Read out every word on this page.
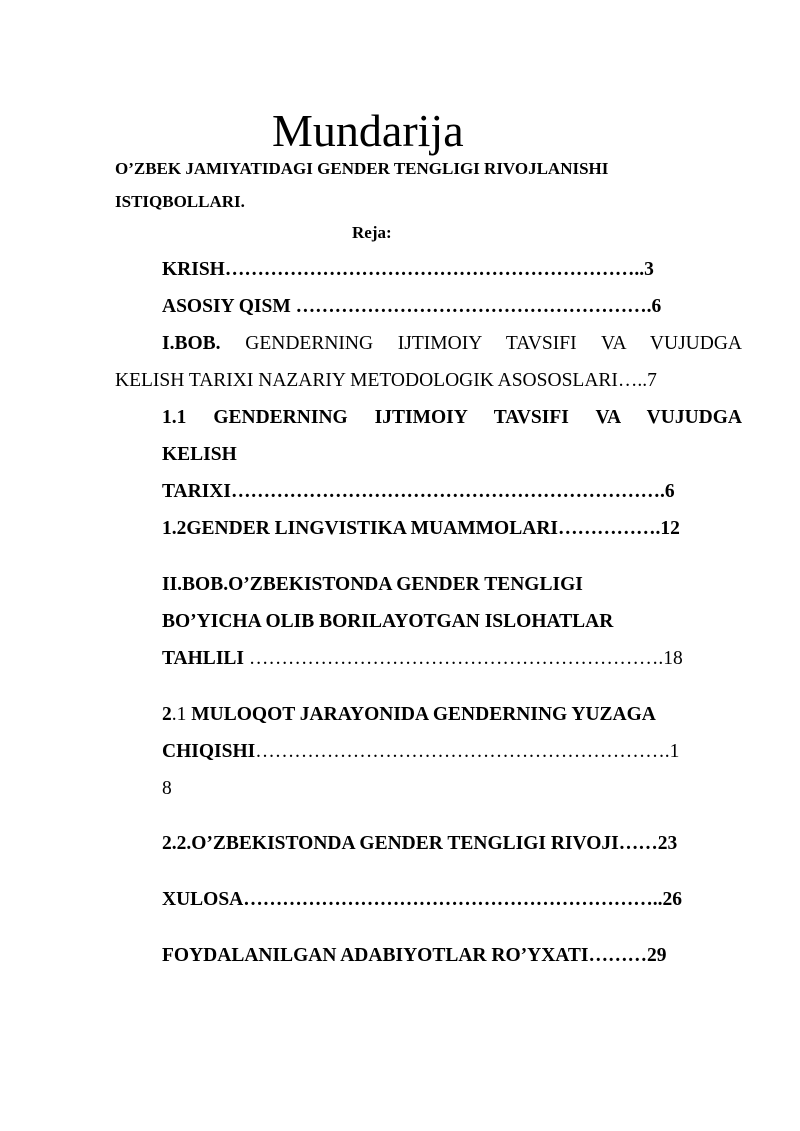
Mundarija
O’ZBEK JAMIYATIDAGI GENDER TENGLIGI RIVOJLANISHI
ISTIQBOLLARI.
Reja:
KRISH………………………………………………………..3
ASOSIY QISM ……………………………………………….6
I.BOB. GENDERNING IJTIMOIY TAVSIFI VA VUJUDGA
KELISH TARIXI NAZARIY METODOLOGIK ASOSOSLARI…..7
1.1 GENDERNING IJTIMOIY TAVSIFI VA VUJUDGA
KELISH
TARIXI………………………………………………………….6
1.2GENDER LINGVISTIKA MUAMMOLARI…………….12
II.BOB.O’ZBEKISTONDA GENDER TENGLIGI
BO’YICHA OLIB BORILAYOTGAN ISLOHATLAR
TAHLILI ……………………………………………………….18
2.1 MULOQOT JARAYONIDA GENDERNING YUZAGA
CHIQISHI……………………………………………………….1
8
2.2.O’ZBEKISTONDA GENDER TENGLIGI RIVOJI……23
XULOSA………………………………………………………..26
FOYDALANILGAN ADABIYOTLAR RO’YXATI………29
